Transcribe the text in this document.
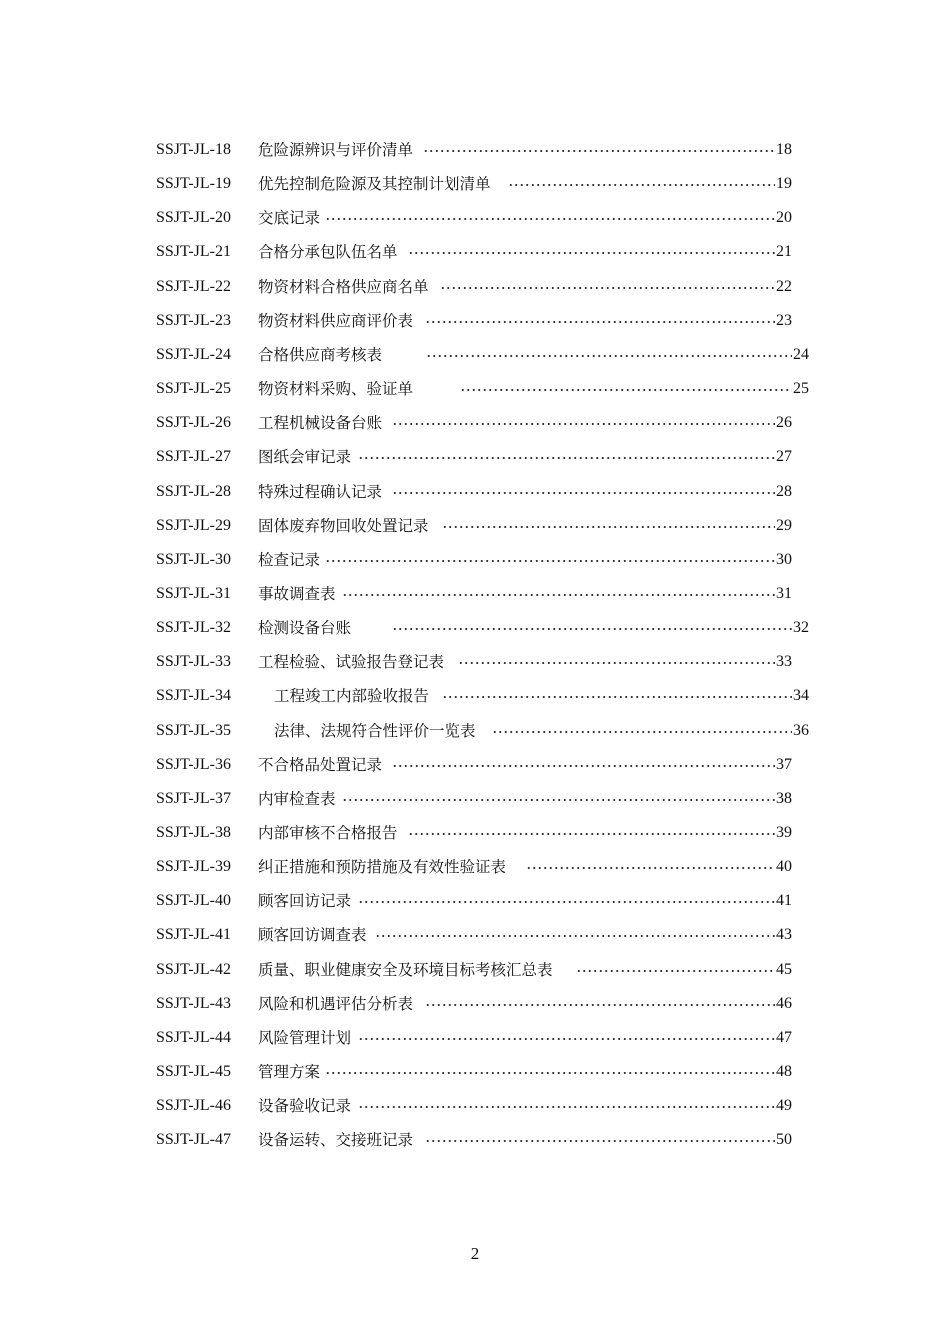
SSJT-JL-18 危险源辨识与评价清单	18
SSJT-JL-19 优先控制危险源及其控制计划清单	19
SSJT-JL-20 交底记录	20
SSJT-JL-21 合格分承包队伍名单	21
SSJT-JL-22 物资材料合格供应商名单	22
SSJT-JL-23 物资材料供应商评价表	23
SSJT-JL-24 合格供应商考核表	24
SSJT-JL-25 物资材料采购、验证单	25
SSJT-JL-26 工程机械设备台账	26
SSJT-JL-27 图纸会审记录	27
SSJT-JL-28 特殊过程确认记录	28
SSJT-JL-29 固体废弃物回收处置记录	29
SSJT-JL-30 检查记录	30
SSJT-JL-31 事故调查表	31
SSJT-JL-32 检测设备台账	32
SSJT-JL-33 工程检验、试验报告登记表	33
SSJT-JL-34	工程竣工内部验收报告	34
SSJT-JL-35	法律、法规符合性评价一览表	36
SSJT-JL-36 不合格品处置记录	37
SSJT-JL-37 内审检查表	38
SSJT-JL-38 内部审核不合格报告	39
SSJT-JL-39 纠正措施和预防措施及有效性验证表	40
SSJT-JL-40 顾客回访记录	41
SSJT-JL-41 顾客回访调查表	43
SSJT-JL-42 质量、职业健康安全及环境目标考核汇总表	45
SSJT-JL-43 风险和机遇评估分析表	46
SSJT-JL-44 风险管理计划	47
SSJT-JL-45 管理方案	48
SSJT-JL-46 设备验收记录	49
SSJT-JL-47 设备运转、交接班记录	50
2
